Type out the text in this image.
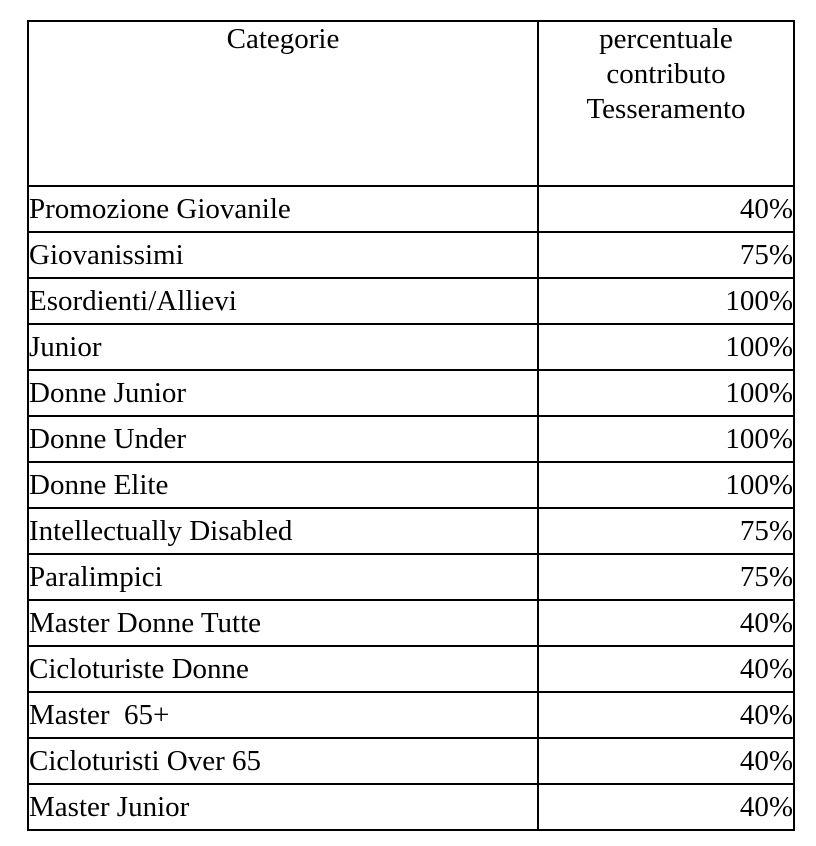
Categorie	percentuale
contributo
Tesseramento

Promozione Giovanile	40%
Giovanissimi	75%
Esordienti/Allievi	100%
Junior	100%
Donne Junior	100%
Donne Under	100%
Donne Elite	100%
Intellectually Disabled	75%
Paralimpici	75%
Master Donne Tutte	40%
Cicloturiste Donne	40%
Master  65+	40%
Cicloturisti Over 65	40%
Master Junior	40%
